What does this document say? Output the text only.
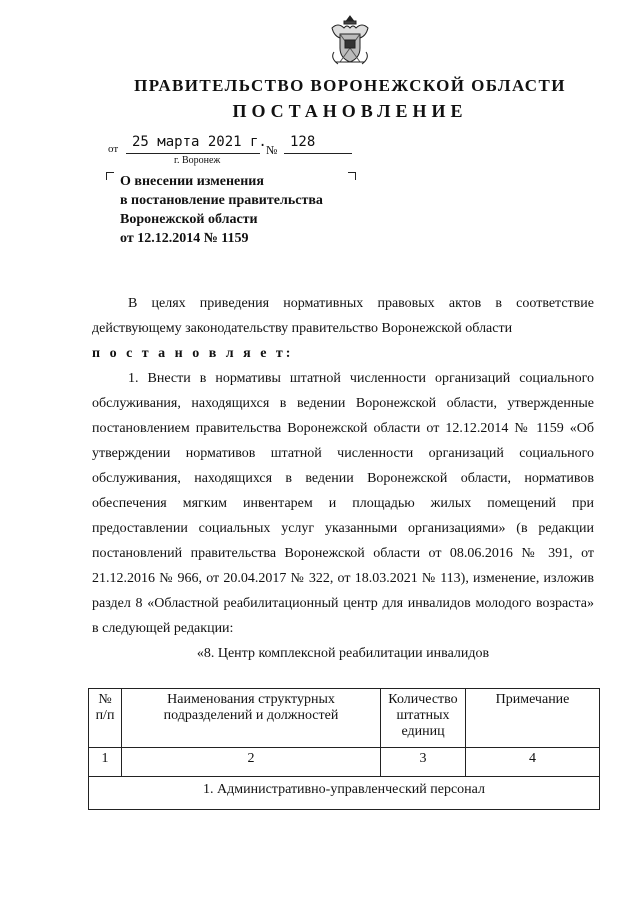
ПРАВИТЕЛЬСТВО ВОРОНЕЖСКОЙ ОБЛАСТИ
ПОСТАНОВЛЕНИЕ
от 25 марта 2021 г. № 128
г. Воронеж
О внесении изменения
в постановление правительства
Воронежской области
от 12.12.2014 № 1159

В целях приведения нормативных правовых актов в соответствие действующему законодательству правительство Воронежской области

п о с т а н о в л я е т:

1. Внести в нормативы штатной численности организаций социального обслуживания, находящихся в ведении Воронежской области, утвержденные постановлением правительства Воронежской области от 12.12.2014 № 1159 «Об утверждении нормативов штатной численности организаций социального обслуживания, находящихся в ведении Воронежской области, нормативов обеспечения мягким инвентарем и площадью жилых помещений при предоставлении социальных услуг указанными организациями» (в редакции постановлений правительства Воронежской области от 08.06.2016 № 391, от 21.12.2016 № 966, от 20.04.2017 № 322, от 18.03.2021 № 113), изменение, изложив раздел 8 «Областной реабилитационный центр для инвалидов молодого возраста» в следующей редакции:

«8. Центр комплексной реабилитации инвалидов

№ п/п	Наименования структурных подразделений и должностей	Количество штатных единиц	Примечание
1	2	3	4
1. Административно-управленческий персонал			
